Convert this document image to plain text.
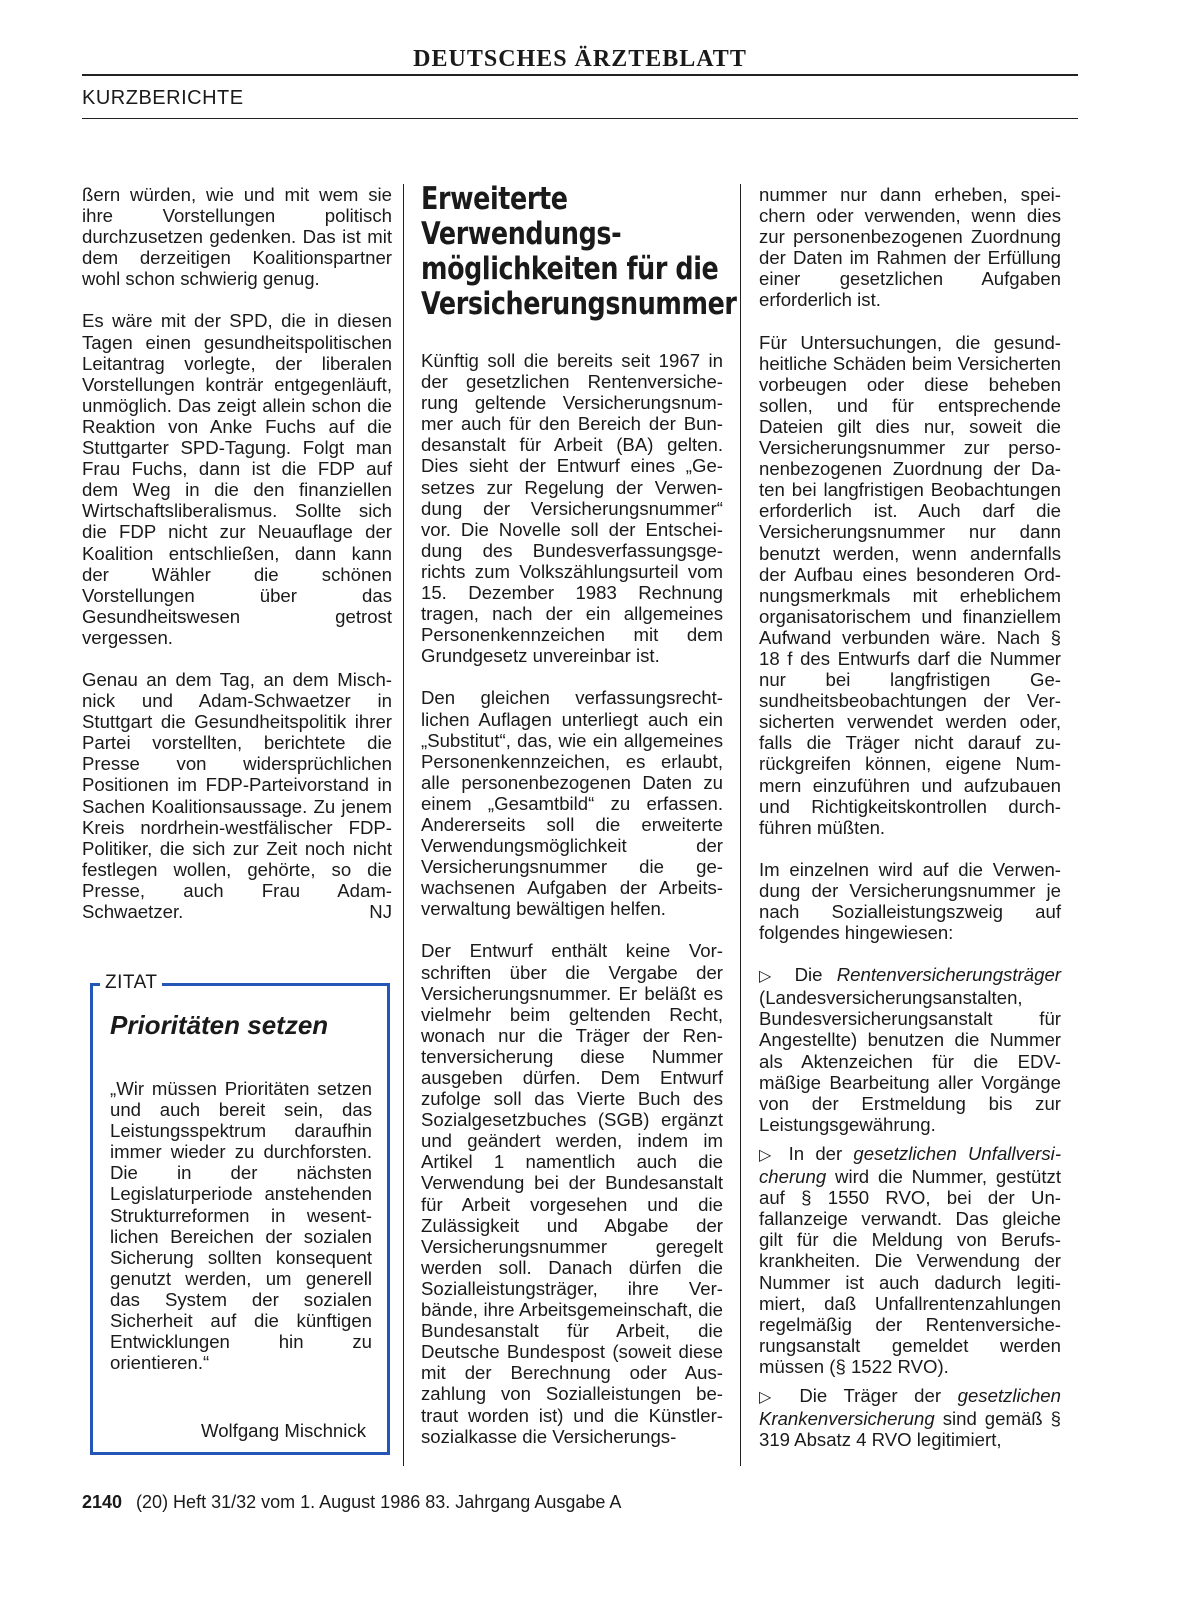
DEUTSCHES ÄRZTEBLATT
KURZBERICHTE

ßern würden, wie und mit wem sie ihre Vorstellungen politisch durchzusetzen gedenken. Das ist mit dem derzeitigen Koalitionspartner wohl schon schwierig genug.

Es wäre mit der SPD, die in diesen Tagen einen gesundheitspolitischen Leitantrag vorlegte, der liberalen Vorstellungen konträr entgegenläuft, unmöglich. Das zeigt allein schon die Reaktion von Anke Fuchs auf die Stuttgarter SPD-Tagung. Folgt man Frau Fuchs, dann ist die FDP auf dem Weg in die den finanziellen Wirtschaftsliberalismus. Sollte sich die FDP nicht zur Neuauflage der Koalition entschließen, dann kann der Wähler die schönen Vorstellungen über das Gesundheitswesen getrost vergessen.

Genau an dem Tag, an dem Mischnick und Adam-Schwaetzer in Stuttgart die Gesundheitspolitik ihrer Partei vorstellten, berichtete die Presse von widersprüchlichen Positionen im FDP-Parteivorstand in Sachen Koalitionsaussage. Zu jenem Kreis nordrhein-westfälischer FDP-Politiker, die sich zur Zeit noch nicht festlegen wollen, gehörte, so die Presse, auch Frau Adam-Schwaetzer.	NJ

ZITAT
Prioritäten setzen
„Wir müssen Prioritäten setzen und auch bereit sein, das Leistungsspektrum daraufhin immer wieder zu durchforsten. Die in der nächsten Legislaturperiode anstehenden Strukturreformen in wesentlichen Bereichen der sozialen Sicherung sollten konsequent genutzt werden, um generell das System der sozialen Sicherheit auf die künftigen Entwicklungen hin zu orientieren.“
Wolfgang Mischnick
Erweiterte Verwendungsmöglichkeiten für die Versicherungsnummer

Künftig soll die bereits seit 1967 in der gesetzlichen Rentenversicherung geltende Versicherungsnummer auch für den Bereich der Bundesanstalt für Arbeit (BA) gelten. Dies sieht der Entwurf eines „Gesetzes zur Regelung der Verwendung der Versicherungsnummer“ vor. Die Novelle soll der Entscheidung des Bundesverfassungsgerichts zum Volkszählungsurteil vom 15. Dezember 1983 Rechnung tragen, nach der ein allgemeines Personenkennzeichen mit dem Grundgesetz unvereinbar ist.

Den gleichen verfassungsrechtlichen Auflagen unterliegt auch ein „Substitut“, das, wie ein allgemeines Personenkennzeichen, es erlaubt, alle personenbezogenen Daten zu einem „Gesamtbild“ zu erfassen. Andererseits soll die erweiterte Verwendungsmöglichkeit der Versicherungsnummer die gewachsenen Aufgaben der Arbeitsverwaltung bewältigen helfen.

Der Entwurf enthält keine Vorschriften über die Vergabe der Versicherungsnummer. Er beläßt es vielmehr beim geltenden Recht, wonach nur die Träger der Rentenversicherung diese Nummer ausgeben dürfen. Dem Entwurf zufolge soll das Vierte Buch des Sozialgesetzbuches (SGB) ergänzt und geändert werden, indem im Artikel 1 namentlich auch die Verwendung bei der Bundesanstalt für Arbeit vorgesehen und die Zulässigkeit und Abgabe der Versicherungsnummer geregelt werden soll. Danach dürfen die Sozialleistungsträger, ihre Verbände, ihre Arbeitsgemeinschaft, die Bundesanstalt für Arbeit, die Deutsche Bundespost (soweit diese mit der Berechnung oder Auszahlung von Sozialleistungen betraut worden ist) und die Künstlersozialkasse die Versicherungs-

nummer nur dann erheben, speichern oder verwenden, wenn dies zur personenbezogenen Zuordnung der Daten im Rahmen der Erfüllung einer gesetzlichen Aufgaben erforderlich ist.

Für Untersuchungen, die gesundheitliche Schäden beim Versicherten vorbeugen oder diese beheben sollen, und für entsprechende Dateien gilt dies nur, soweit die Versicherungsnummer zur personenbezogenen Zuordnung der Daten bei langfristigen Beobachtungen erforderlich ist. Auch darf die Versicherungsnummer nur dann benutzt werden, wenn andernfalls der Aufbau eines besonderen Ordnungsmerkmals mit erheblichem organisatorischem und finanziellem Aufwand verbunden wäre. Nach § 18 f des Entwurfs darf die Nummer nur bei langfristigen Gesundheitsbeobachtungen der Versicherten verwendet werden oder, falls die Träger nicht darauf zurückgreifen können, eigene Nummern einzuführen und aufzubauen und Richtigkeitskontrollen durchführen müßten.

Im einzelnen wird auf die Verwendung der Versicherungsnummer je nach Sozialleistungszweig auf folgendes hingewiesen:

▷ Die Rentenversicherungsträger (Landesversicherungsanstalten, Bundesversicherungsanstalt für Angestellte) benutzen die Nummer als Aktenzeichen für die EDV-mäßige Bearbeitung aller Vorgänge von der Erstmeldung bis zur Leistungsgewährung.

▷ In der gesetzlichen Unfallversicherung wird die Nummer, gestützt auf § 1550 RVO, bei der Unfallanzeige verwandt. Das gleiche gilt für die Meldung von Berufskrankheiten. Die Verwendung der Nummer ist auch dadurch legitimiert, daß Unfallrentenzahlungen regelmäßig der Rentenversicherungsanstalt gemeldet werden müssen (§ 1522 RVO).

▷ Die Träger der gesetzlichen Krankenversicherung sind gemäß § 319 Absatz 4 RVO legitimiert,

2140 (20) Heft 31/32 vom 1. August 1986 83. Jahrgang Ausgabe A
